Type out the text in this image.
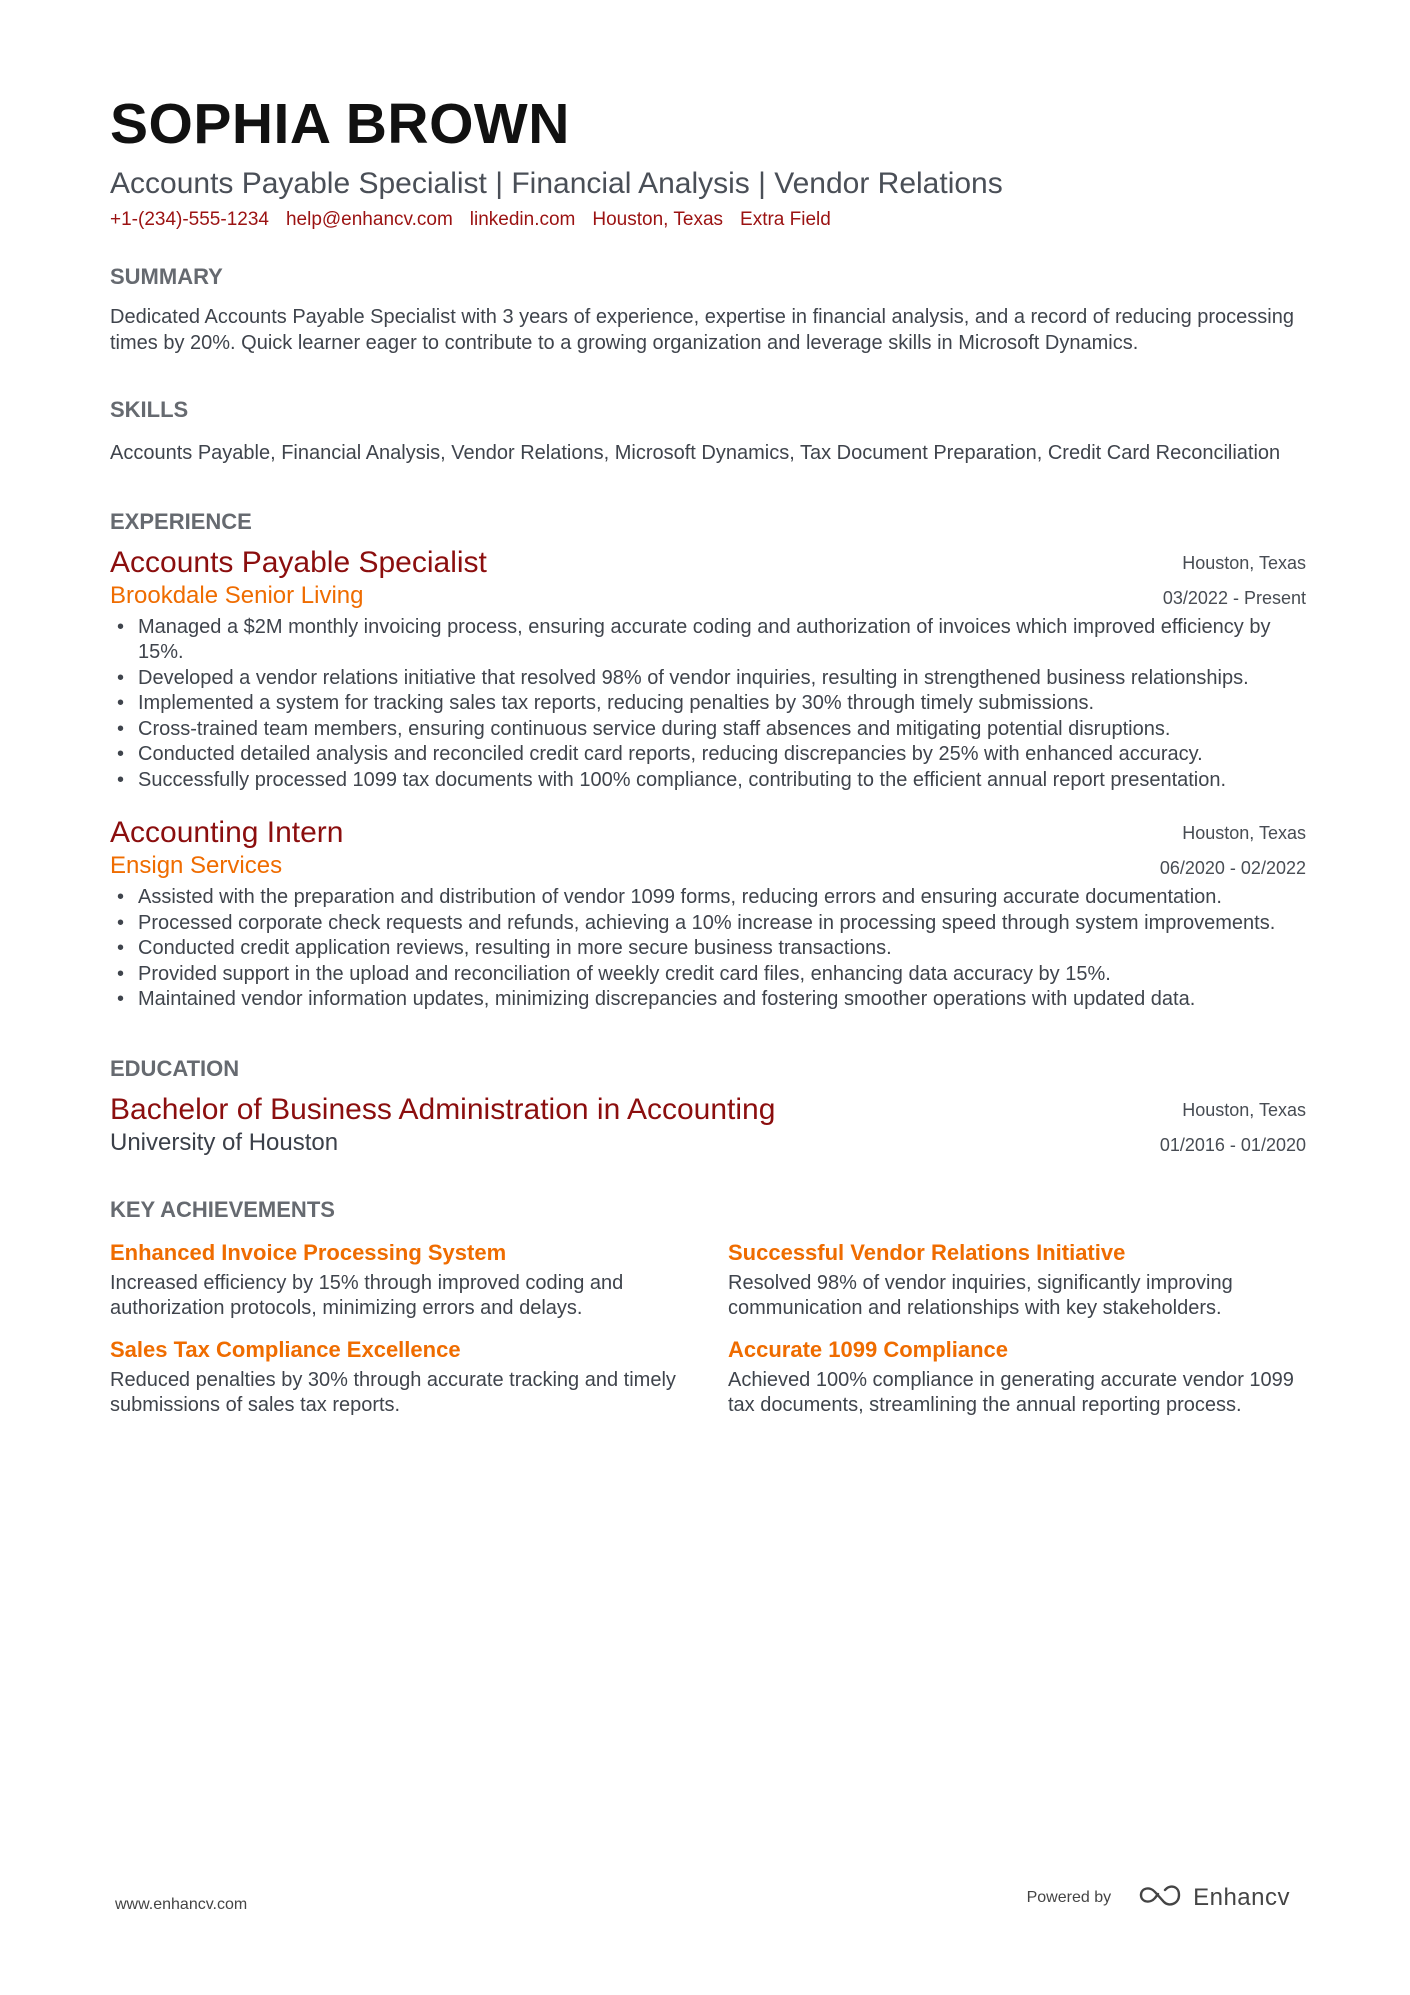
SOPHIA BROWN
Accounts Payable Specialist | Financial Analysis | Vendor Relations
+1-(234)-555-1234 help@enhancv.com linkedin.com Houston, Texas Extra Field
SUMMARY
Dedicated Accounts Payable Specialist with 3 years of experience, expertise in financial analysis, and a record of reducing processing times by 20%. Quick learner eager to contribute to a growing organization and leverage skills in Microsoft Dynamics.
SKILLS
Accounts Payable, Financial Analysis, Vendor Relations, Microsoft Dynamics, Tax Document Preparation, Credit Card Reconciliation
EXPERIENCE
Accounts Payable Specialist
Brookdale Senior Living
Houston, Texas
03/2022 - Present
• Managed a $2M monthly invoicing process, ensuring accurate coding and authorization of invoices which improved efficiency by 15%.
• Developed a vendor relations initiative that resolved 98% of vendor inquiries, resulting in strengthened business relationships.
• Implemented a system for tracking sales tax reports, reducing penalties by 30% through timely submissions.
• Cross-trained team members, ensuring continuous service during staff absences and mitigating potential disruptions.
• Conducted detailed analysis and reconciled credit card reports, reducing discrepancies by 25% with enhanced accuracy.
• Successfully processed 1099 tax documents with 100% compliance, contributing to the efficient annual report presentation.
Accounting Intern
Ensign Services
Houston, Texas
06/2020 - 02/2022
• Assisted with the preparation and distribution of vendor 1099 forms, reducing errors and ensuring accurate documentation.
• Processed corporate check requests and refunds, achieving a 10% increase in processing speed through system improvements.
• Conducted credit application reviews, resulting in more secure business transactions.
• Provided support in the upload and reconciliation of weekly credit card files, enhancing data accuracy by 15%.
• Maintained vendor information updates, minimizing discrepancies and fostering smoother operations with updated data.
EDUCATION
Bachelor of Business Administration in Accounting
University of Houston
Houston, Texas
01/2016 - 01/2020
KEY ACHIEVEMENTS
Enhanced Invoice Processing System
Increased efficiency by 15% through improved coding and authorization protocols, minimizing errors and delays.
Successful Vendor Relations Initiative
Resolved 98% of vendor inquiries, significantly improving communication and relationships with key stakeholders.
Sales Tax Compliance Excellence
Reduced penalties by 30% through accurate tracking and timely submissions of sales tax reports.
Accurate 1099 Compliance
Achieved 100% compliance in generating accurate vendor 1099 tax documents, streamlining the annual reporting process.
www.enhancv.com	Powered by	Enhancv
